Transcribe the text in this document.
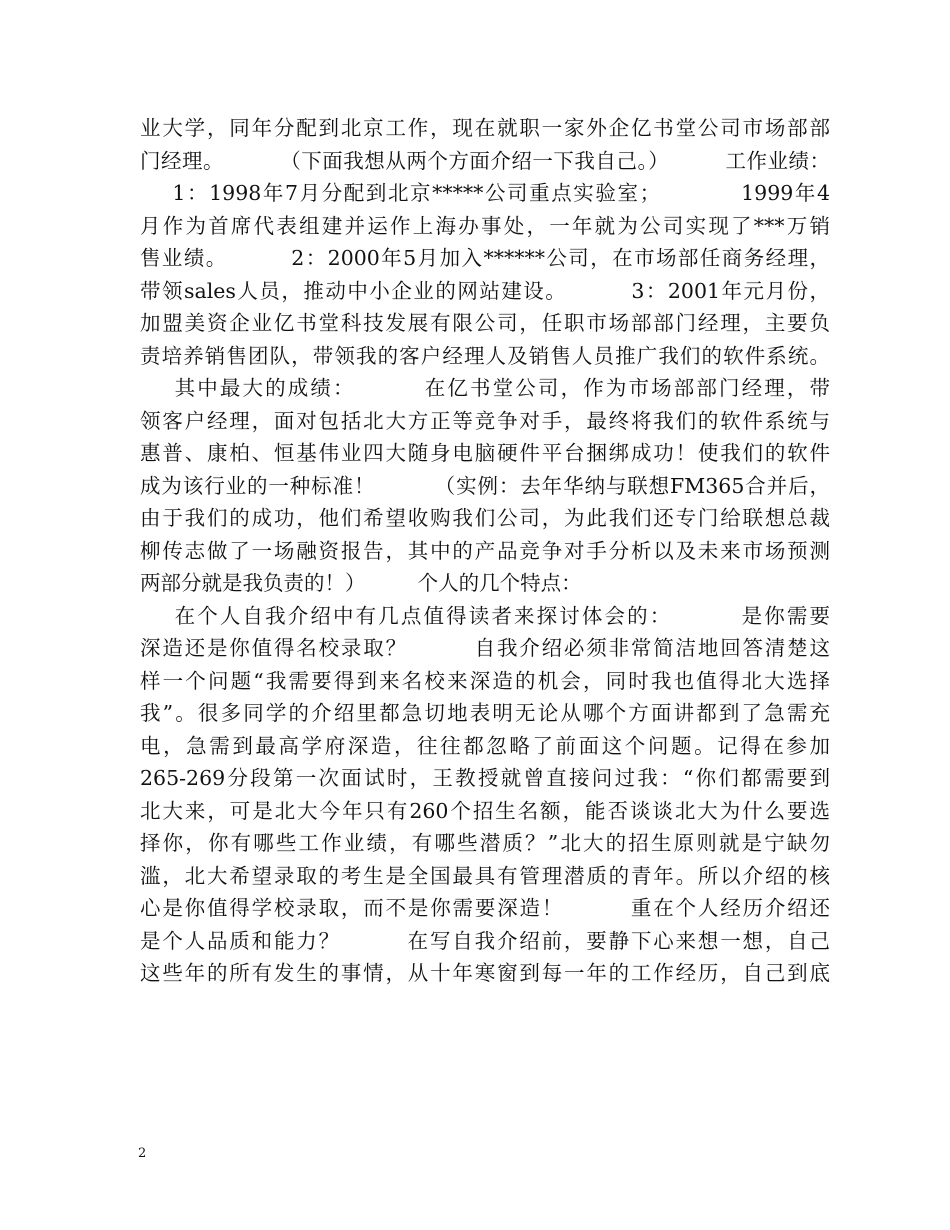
业大学，同年分配到北京工作，现在就职一家外企亿书堂公司市场部部
门经理。        （下面我想从两个方面介绍一下我自己。）        工作业绩：
1：1998年7月分配到北京*****公司重点实验室；          1999年4
月作为首席代表组建并运作上海办事处，一年就为公司实现了***万销
售业绩。        2：2000年5月加入******公司，在市场部任商务经理，
带领sales人员，推动中小企业的网站建设。        3：2001年元月份，
加盟美资企业亿书堂科技发展有限公司，任职市场部部门经理，主要负
责培养销售团队，带领我的客户经理人及销售人员推广我们的软件系统。
其中最大的成绩：        在亿书堂公司，作为市场部部门经理，带
领客户经理，面对包括北大方正等竞争对手，最终将我们的软件系统与
惠普、康柏、恒基伟业四大随身电脑硬件平台捆绑成功！使我们的软件
成为该行业的一种标准！        （实例：去年华纳与联想FM365合并后，
由于我们的成功，他们希望收购我们公司，为此我们还专门给联想总裁
柳传志做了一场融资报告，其中的产品竞争对手分析以及未来市场预测
两部分就是我负责的！）        个人的几个特点：
在个人自我介绍中有几点值得读者来探讨体会的：        是你需要
深造还是你值得名校录取？        自我介绍必须非常简洁地回答清楚这
样一个问题“我需要得到来名校来深造的机会，同时我也值得北大选择
我”。很多同学的介绍里都急切地表明无论从哪个方面讲都到了急需充
电，急需到最高学府深造，往往都忽略了前面这个问题。记得在参加
265-269分段第一次面试时，王教授就曾直接问过我：“你们都需要到
北大来，可是北大今年只有260个招生名额，能否谈谈北大为什么要选
择你，你有哪些工作业绩，有哪些潜质？”北大的招生原则就是宁缺勿
滥，北大希望录取的考生是全国最具有管理潜质的青年。所以介绍的核
心是你值得学校录取，而不是你需要深造！        重在个人经历介绍还
是个人品质和能力？        在写自我介绍前，要静下心来想一想，自己
这些年的所有发生的事情，从十年寒窗到每一年的工作经历，自己到底
2
